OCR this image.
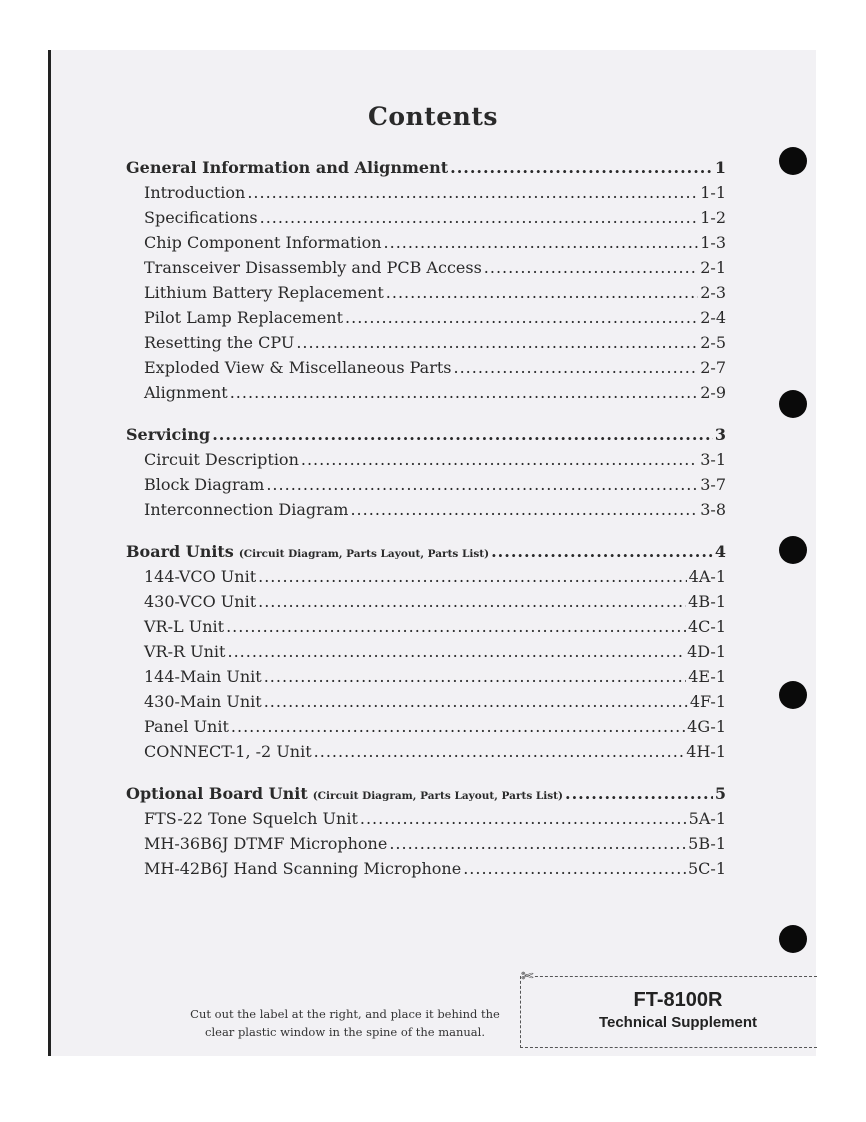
Contents
General Information and Alignment .....	1
Introduction .....	1-1
Specifications .....	1-2
Chip Component Information .....	1-3
Transceiver Disassembly and PCB Access .....	2-1
Lithium Battery Replacement .....	2-3
Pilot Lamp Replacement .....	2-4
Resetting the CPU .....	2-5
Exploded View & Miscellaneous Parts .....	2-7
Alignment .....	2-9
Servicing .....	3
Circuit Description .....	3-1
Block Diagram .....	3-7
Interconnection Diagram .....	3-8
Board Units (Circuit Diagram, Parts Layout, Parts List) .....	4
144-VCO Unit .....	4A-1
430-VCO Unit .....	4B-1
VR-L Unit .....	4C-1
VR-R Unit .....	4D-1
144-Main Unit .....	4E-1
430-Main Unit .....	4F-1
Panel Unit .....	4G-1
CONNECT-1, -2 Unit .....	4H-1
Optional Board Unit (Circuit Diagram, Parts Layout, Parts List) .....	5
FTS-22 Tone Squelch Unit .....	5A-1
MH-36B6J DTMF Microphone .....	5B-1
MH-42B6J Hand Scanning Microphone .....	5C-1
Cut out the label at the right, and place it behind the
clear plastic window in the spine of the manual.
✄
FT-8100R
Technical Supplement
